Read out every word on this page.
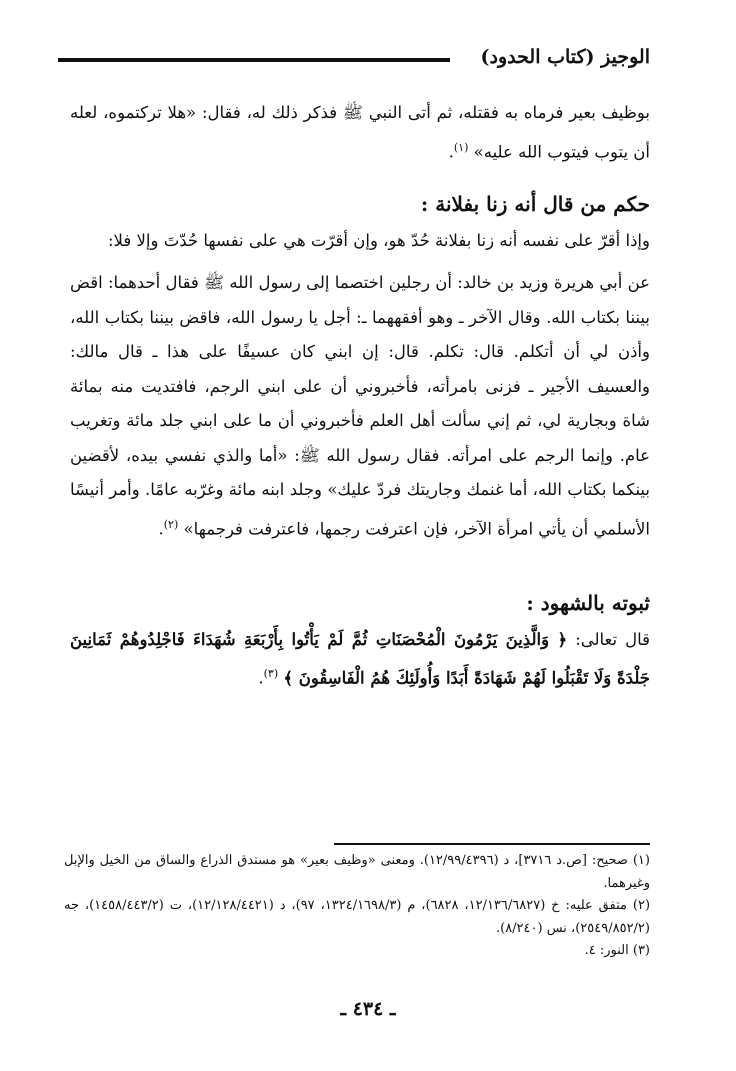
الوجيز (كتاب الحدود)

بوظيف بعير فرماه به فقتله، ثم أتى النبي ﷺ فذكر ذلك له، فقال: «هلا تركتموه، لعله أن يتوب فيتوب الله عليه» $^{(١)}$.

حكم من قال أنه زنا بفلانة :

وإذا أقرّ على نفسه أنه زنا بفلانة حُدّ هو، وإن أقرّت هي على نفسها حُدّتَ وإلا فلا:

عن أبي هريرة وزيد بن خالد: أن رجلين اختصما إلى رسول الله ﷺ فقال أحدهما: اقض بيننا بكتاب الله. وقال الآخر ـ وهو أفقههما ـ: أجل يا رسول الله، فاقض بيننا بكتاب الله، وأذن لي أن أتكلم. قال: تكلم. قال: إن ابني كان عسيفًا على هذا ـ قال مالك: والعسيف الأجير ـ فزنى بامرأته، فأخبروني أن على ابني الرجم، فافتديت منه بمائة شاة وبجارية لي، ثم إني سألت أهل العلم فأخبروني أن ما على ابني جلد مائة وتغريب عام. وإنما الرجم على امرأته. فقال رسول الله ﷺ: «أما والذي نفسي بيده، لأقضين بينكما بكتاب الله، أما غنمك وجاريتك فردّ عليك» وجلد ابنه مائة وغرّبه عامًا. وأمر أنيسًا الأسلمي أن يأتي امرأة الآخر، فإن اعترفت رجمها، فاعترفت فرجمها» $^{(٢)}$.

ثبوته بالشهود :

قال تعالى: ﴿ وَالَّذِينَ يَرْمُونَ الْمُحْصَنَاتِ ثُمَّ لَمْ يَأْتُوا بِأَرْبَعَةِ شُهَدَاءَ فَاجْلِدُوهُمْ ثَمَانِينَ جَلْدَةً وَلَا تَقْبَلُوا لَهُمْ شَهَادَةً أَبَدًا وَأُولَئِكَ هُمُ الْفَاسِقُونَ ﴾ $^{(٣)}$.

(١) صحيح: [ص.د ٣٧١٦]، د (١٢/٩٩/٤٣٩٦). ومعنى «وظيف بعير» هو مستدق الذراع والساق من الخيل والإبل وغيرهما.

(٢) متفق عليه: خ (١٢/١٣٦/٦٨٢٧، ٦٨٢٨)، م (١٣٢٤/١٦٩٨/٣، ٩٧)، د (١٢/١٢٨/٤٤٢١)، ت (١٤٥٨/٤٤٣/٢)، جه (٢٥٤٩/٨٥٢/٢)، نس (٨/٢٤٠).

(٣) النور: ٤.

ـ ٤٣٤ ـ
